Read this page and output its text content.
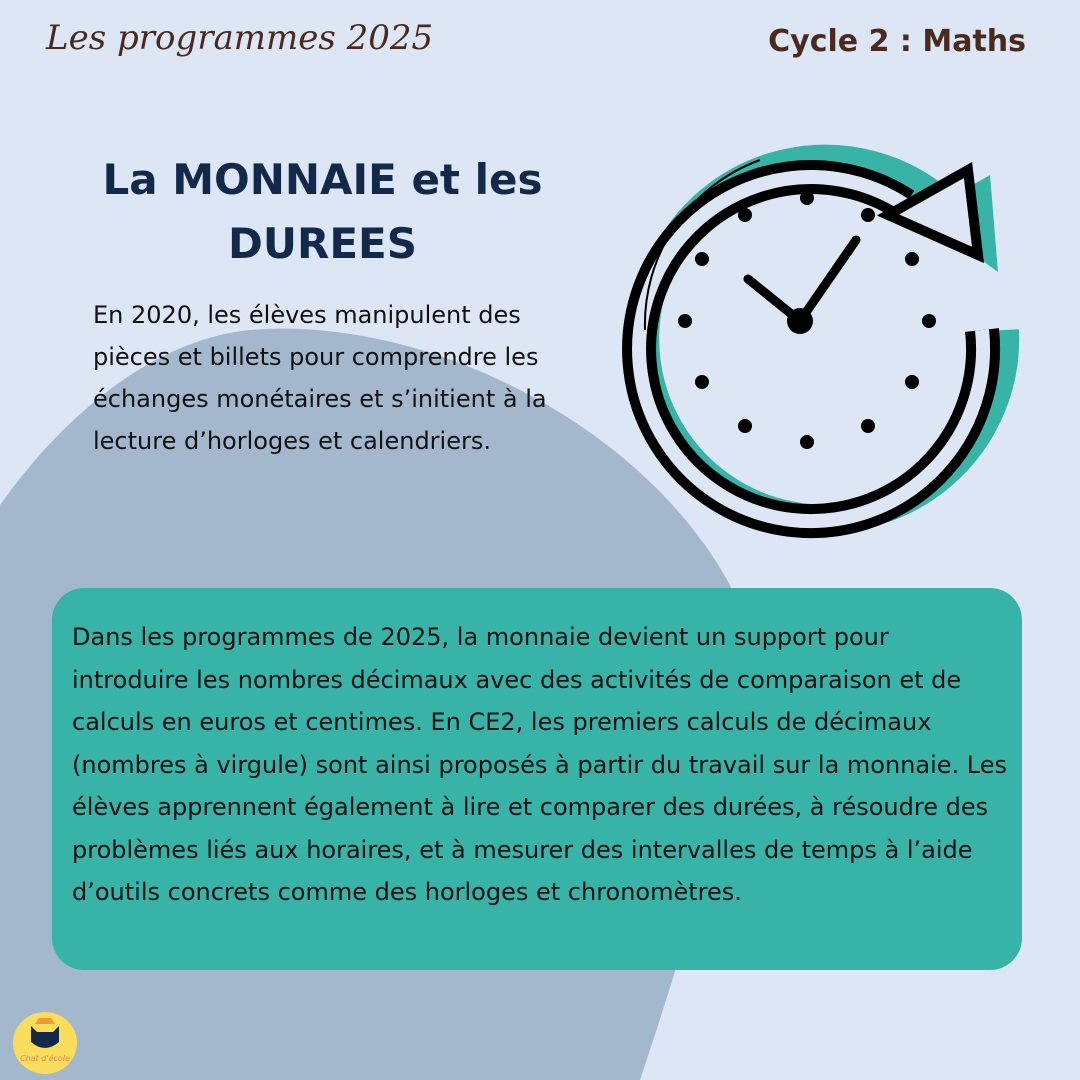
Les programmes 2025	Cycle 2 : Maths
La MONNAIE et les
DUREES
En 2020, les élèves manipulent des pièces et billets pour comprendre les échanges monétaires et s’initient à la lecture d’horloges et calendriers.

Dans les programmes de 2025, la monnaie devient un support pour introduire les nombres décimaux avec des activités de comparaison et de calculs en euros et centimes. En CE2, les premiers calculs de décimaux (nombres à virgule) sont ainsi proposés à partir du travail sur la monnaie. Les élèves apprennent également à lire et comparer des durées, à résoudre des problèmes liés aux horaires, et à mesurer des intervalles de temps à l’aide d’outils concrets comme des horloges et chronomètres.

Chat d'école
